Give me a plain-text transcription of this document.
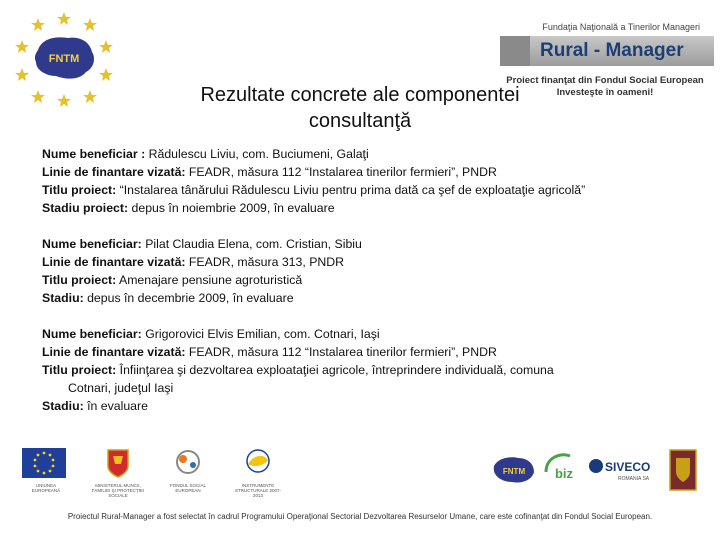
FNTM
Fundaţia Naţională a Tinerilor Manageri
Rural - Manager
Proiect finanţat din Fondul Social European
Investeşte în oameni!
Rezultate concrete ale componentei
consultanţă
Nume beneficiar : Rădulescu Liviu, com. Buciumeni, Galaţi
Linie de finantare vizată: FEADR, măsura 112 “Instalarea tinerilor fermieri”, PNDR
Titlu proiect: “Instalarea tânărului Rădulescu Liviu pentru prima dată ca şef de exploataţie agricolă”
Stadiu proiect: depus în noiembrie 2009, în evaluare
Nume beneficiar: Pilat Claudia Elena, com. Cristian, Sibiu
Linie de finantare vizată: FEADR, măsura 313, PNDR
Titlu proiect: Amenajare pensiune agroturistică
Stadiu: depus în decembrie 2009, în evaluare
Nume beneficiar: Grigorovici Elvis Emilian, com. Cotnari, Iaşi
Linie de finantare vizată: FEADR, măsura 112 “Instalarea tinerilor fermieri”, PNDR
Titlu proiect: Înfiinţarea şi dezvoltarea exploataţiei agricole, întreprindere individuală, comuna
Cotnari, judeţul Iaşi
Stadiu: în evaluare
UNIUNEA EUROPEANĂ
MINISTERUL MUNCII, FAMILIEI ŞI PROTECŢIEI SOCIALE
FONDUL SOCIAL EUROPEAN
INSTRUMENTE STRUCTURALE 2007-2013
FNTM biz	SIVECO
ROMANIA SA
Proiectul Rural-Manager a fost selectat în cadrul Programului Operaţional Sectorial Dezvoltarea Resurselor Umane, care este cofinanţat din Fondul Social European.
